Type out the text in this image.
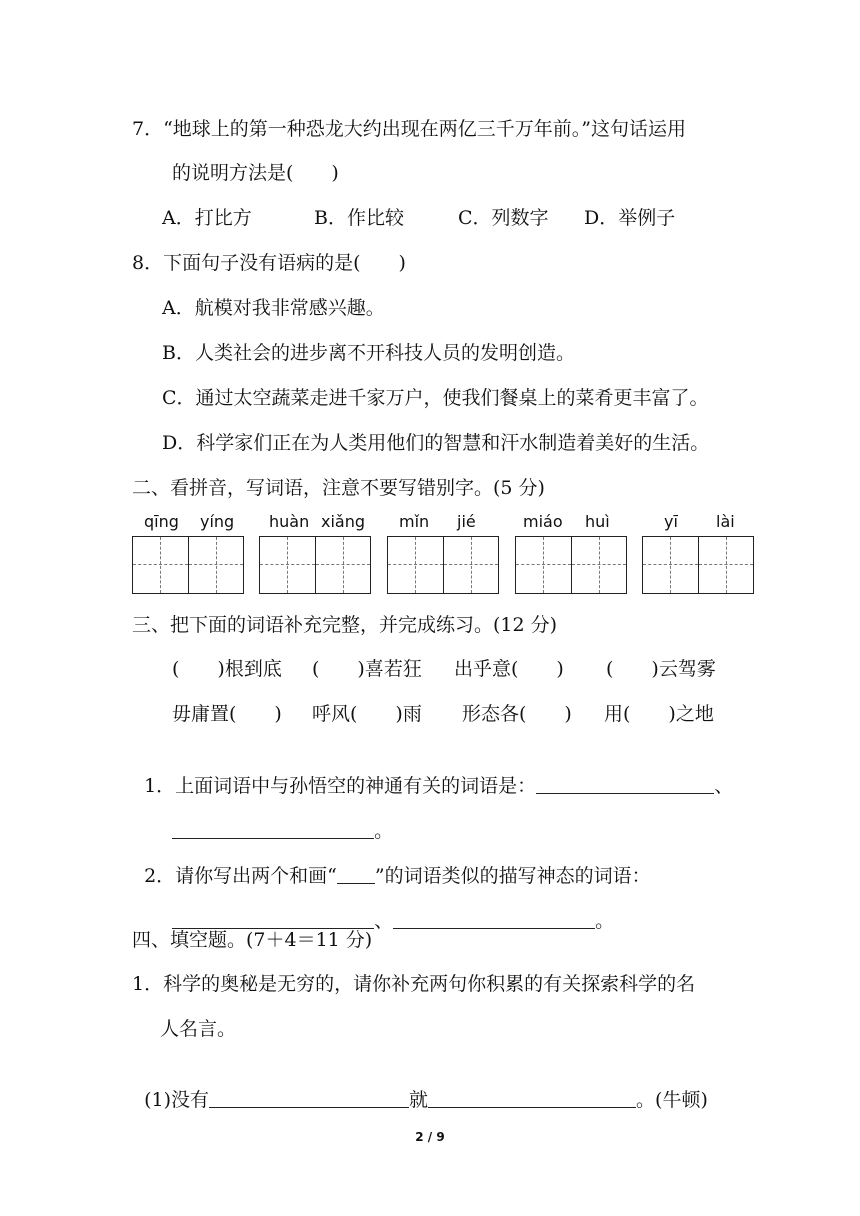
7．“地球上的第一种恐龙大约出现在两亿三千万年前。”这句话运用
的说明方法是(　　)
A．打比方	B．作比较	C．列数字 D．举例子
8．下面句子没有语病的是(　　)
A．航模对我非常感兴趣。
B．人类社会的进步离不开科技人员的发明创造。
C．通过太空蔬菜走进千家万户，使我们餐桌上的菜肴更丰富了。
D．科学家们正在为人类用他们的智慧和汗水制造着美好的生活。
二、看拼音，写词语，注意不要写错别字。(5 分)
qīng yíng huàn xiǎng mǐn jié	miáo huì	yī lài
三、把下面的词语补充完整，并完成练习。(12 分)
(　　)根到底 (　　)喜若狂 出乎意(　　) (　　)云驾雾
毋庸置(　　) 呼风(　　)雨 形态各(　　) 用(　　)之地

1．上面词语中与孙悟空的神通有关的词语是：	、

。

2．请你写出两个和画“ ”的词语类似的描写神态的词语：

、	。

四、填空题。(7＋4＝11 分)
1．科学的奥秘是无穷的，请你补充两句你积累的有关探索科学的名
人名言。

(1)没有	就	。(牛顿)

2 / 9
